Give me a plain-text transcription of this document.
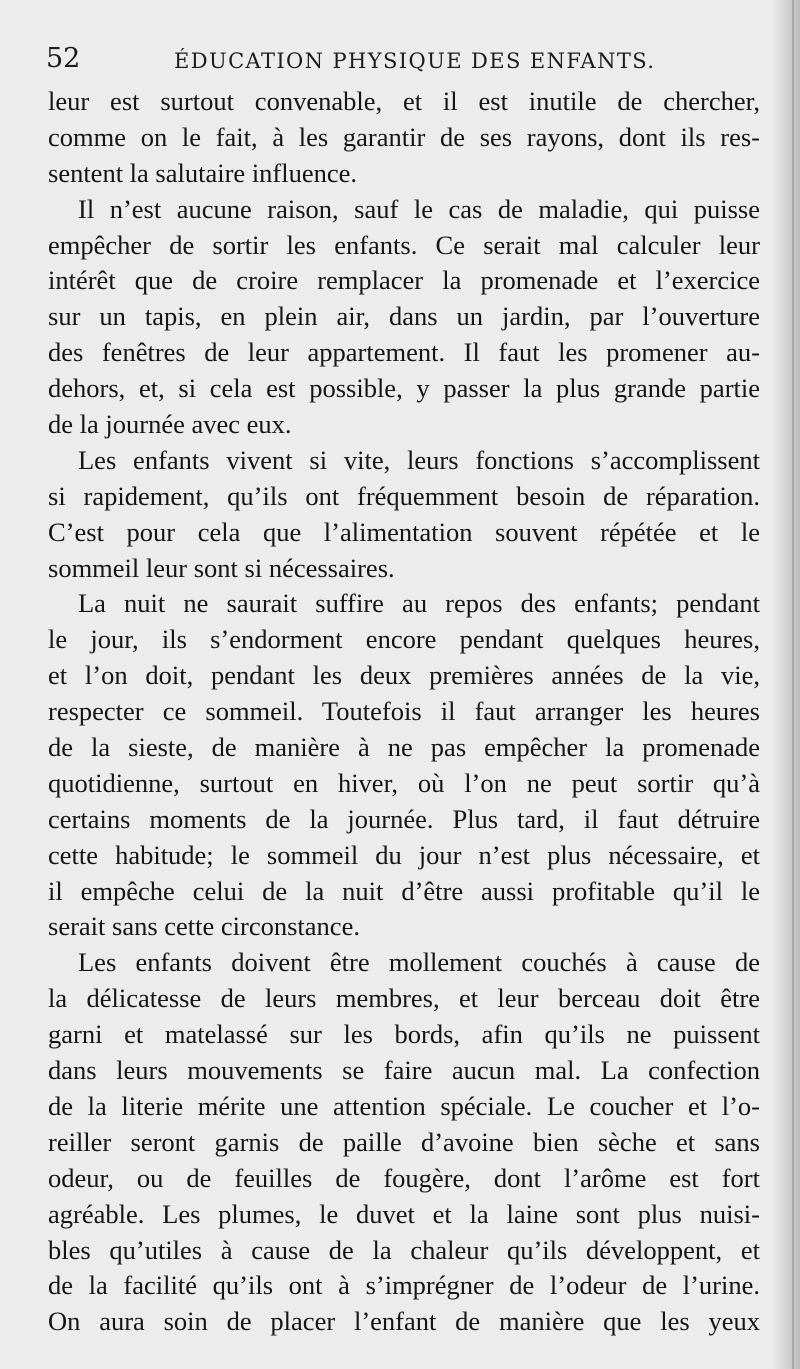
52	ÉDUCATION PHYSIQUE DES ENFANTS.
leur est surtout convenable, et il est inutile de chercher,
comme on le fait, à les garantir de ses rayons, dont ils res-
sentent la salutaire influence.
Il n’est aucune raison, sauf le cas de maladie, qui puisse
empêcher de sortir les enfants. Ce serait mal calculer leur
intérêt que de croire remplacer la promenade et l’exercice
sur un tapis, en plein air, dans un jardin, par l’ouverture
des fenêtres de leur appartement. Il faut les promener au-
dehors, et, si cela est possible, y passer la plus grande partie
de la journée avec eux.
Les enfants vivent si vite, leurs fonctions s’accomplissent
si rapidement, qu’ils ont fréquemment besoin de réparation.
C’est pour cela que l’alimentation souvent répétée et le
sommeil leur sont si nécessaires.
La nuit ne saurait suffire au repos des enfants; pendant
le jour, ils s’endorment encore pendant quelques heures,
et l’on doit, pendant les deux premières années de la vie,
respecter ce sommeil. Toutefois il faut arranger les heures
de la sieste, de manière à ne pas empêcher la promenade
quotidienne, surtout en hiver, où l’on ne peut sortir qu’à
certains moments de la journée. Plus tard, il faut détruire
cette habitude; le sommeil du jour n’est plus nécessaire, et
il empêche celui de la nuit d’être aussi profitable qu’il le
serait sans cette circonstance.
Les enfants doivent être mollement couchés à cause de
la délicatesse de leurs membres, et leur berceau doit être
garni et matelassé sur les bords, afin qu’ils ne puissent
dans leurs mouvements se faire aucun mal. La confection
de la literie mérite une attention spéciale. Le coucher et l’o-
reiller seront garnis de paille d’avoine bien sèche et sans
odeur, ou de feuilles de fougère, dont l’arôme est fort
agréable. Les plumes, le duvet et la laine sont plus nuisi-
bles qu’utiles à cause de la chaleur qu’ils développent, et
de la facilité qu’ils ont à s’imprégner de l’odeur de l’urine.
On aura soin de placer l’enfant de manière que les yeux
